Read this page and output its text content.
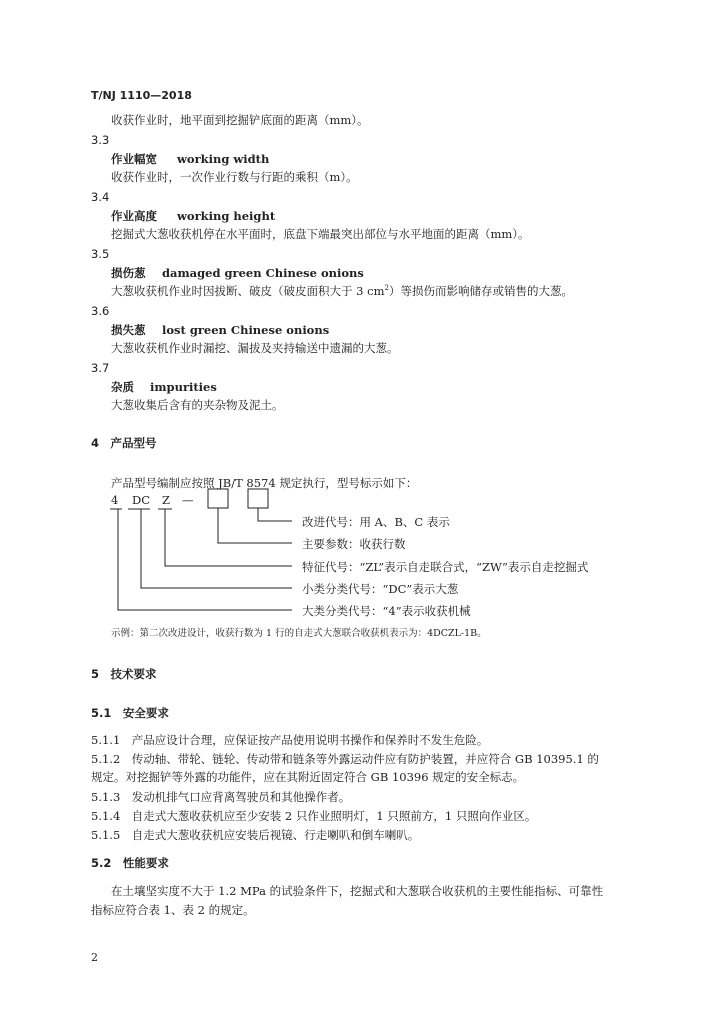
T/NJ 1110—2018
收获作业时，地平面到挖掘铲底面的距离（mm）。
3.3
作业幅宽 working width
收获作业时，一次作业行数与行距的乘积（m）。
3.4
作业高度 working height
挖掘式大葱收获机停在水平面时，底盘下端最突出部位与水平地面的距离（mm）。
3.5
损伤葱 damaged green Chinese onions
大葱收获机作业时因拔断、破皮（破皮面积大于 3 $cm^2$）等损伤而影响储存或销售的大葱。
3.6
损失葱 lost green Chinese onions
大葱收获机作业时漏挖、漏拔及夹持输送中遗漏的大葱。
3.7
杂质 impurities
大葱收集后含有的夹杂物及泥土。
4　产品型号
产品型号编制应按照 JB/T 8574 规定执行，型号标示如下：
4 DC Z —
改进代号：用 A、B、C 表示
主要参数：收获行数
特征代号：“ZL”表示自走联合式，“ZW”表示自走挖掘式
小类分类代号：“DC”表示大葱
大类分类代号：“4”表示收获机械
示例：第二次改进设计，收获行数为 1 行的自走式大葱联合收获机表示为：4DCZL-1B。
5　技术要求
5.1　安全要求
5.1.1　产品应设计合理，应保证按产品使用说明书操作和保养时不发生危险。
5.1.2　传动轴、带轮、链轮、传动带和链条等外露运动件应有防护装置，并应符合 GB 10395.1 的
规定。对挖掘铲等外露的功能件，应在其附近固定符合 GB 10396 规定的安全标志。
5.1.3　发动机排气口应背离驾驶员和其他操作者。
5.1.4　自走式大葱收获机应至少安装 2 只作业照明灯，1 只照前方，1 只照向作业区。
5.1.5　自走式大葱收获机应安装后视镜、行走喇叭和倒车喇叭。
5.2　性能要求
在土壤坚实度不大于 1.2 MPa 的试验条件下，挖掘式和大葱联合收获机的主要性能指标、可靠性
指标应符合表 1、表 2 的规定。
2
